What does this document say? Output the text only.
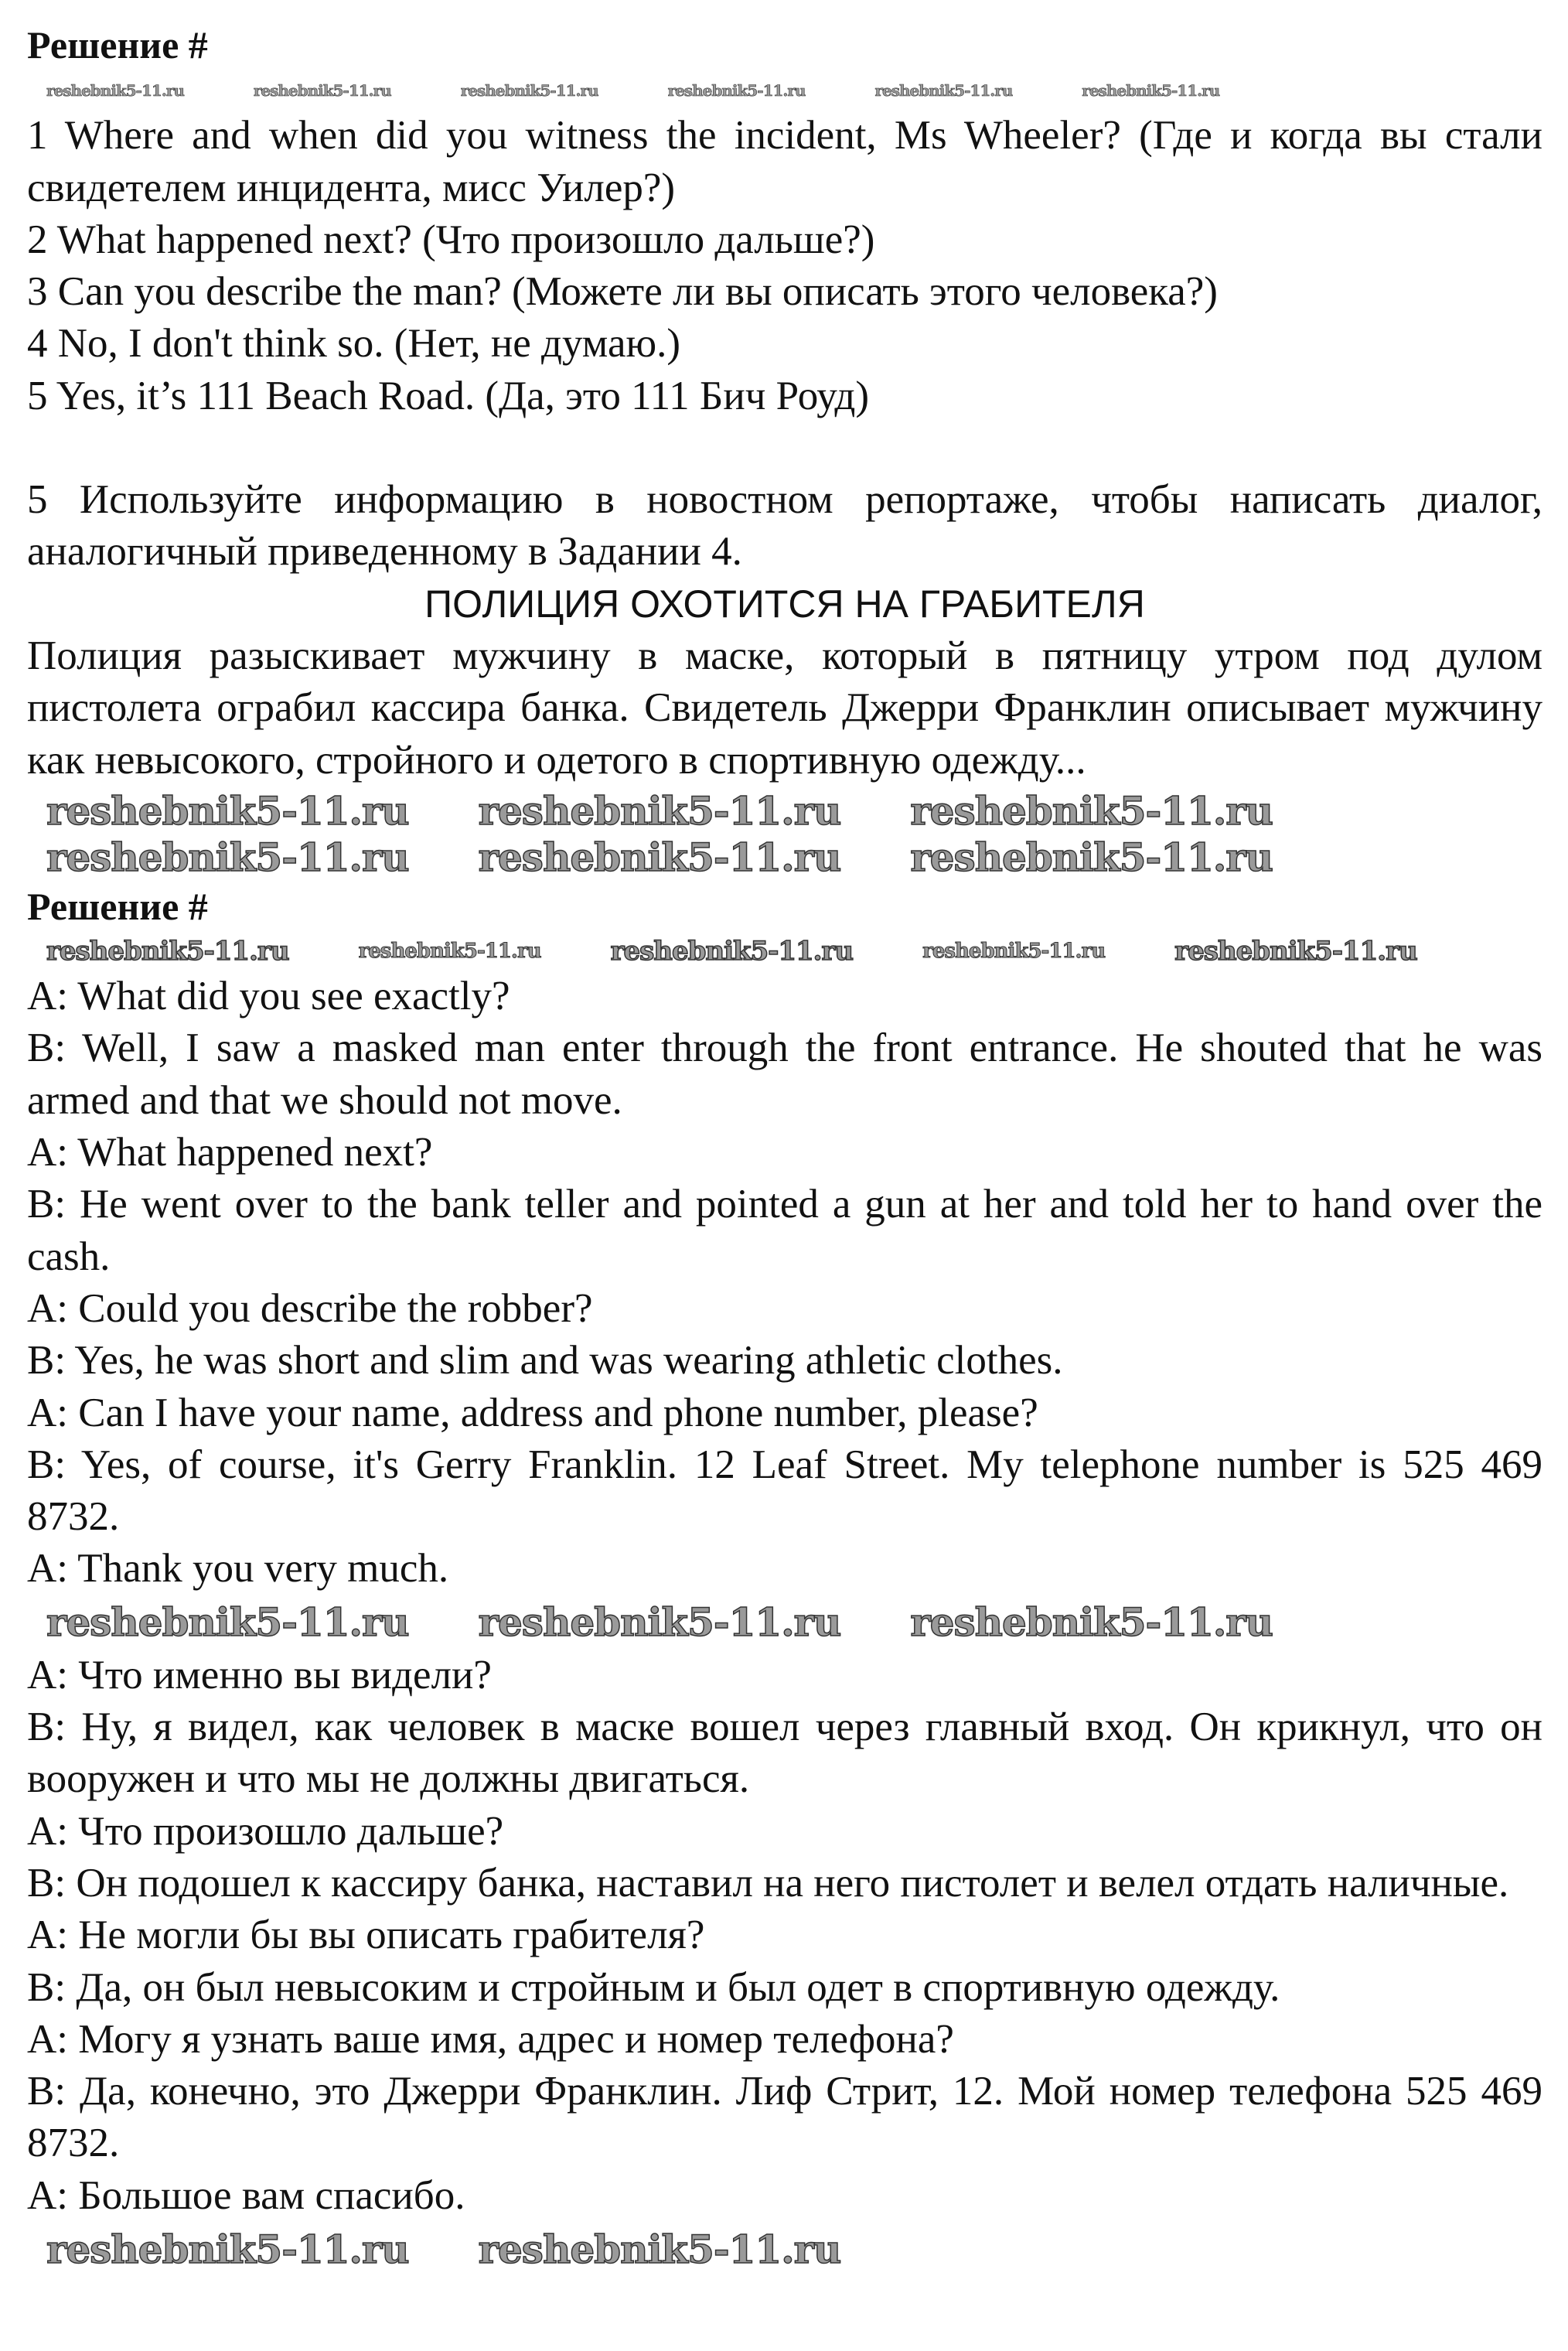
Решение #

reshebnik5-11.ru	reshebnik5-11.ru	reshebnik5-11.ru	reshebnik5-11.ru	reshebnik5-11.ru	reshebnik5-11.ru

1 Where and when did you witness the incident, Ms Wheeler? (Где и когда вы стали свидетелем инцидента, мисс Уилер?)

2 What happened next? (Что произошло дальше?)

3 Can you describe the man? (Можете ли вы описать этого человека?)

4 No, I don't think so. (Нет, не думаю.)

5 Yes, it’s 111 Beach Road. (Да, это 111 Бич Роуд)

5 Используйте информацию в новостном репортаже, чтобы написать диалог, аналогичный приведенному в Задании 4.

ПОЛИЦИЯ ОХОТИТСЯ НА ГРАБИТЕЛЯ

Полиция разыскивает мужчину в маске, который в пятницу утром под дулом пистолета ограбил кассира банка. Свидетель Джерри Франклин описывает мужчину как невысокого, стройного и одетого в спортивную одежду...

reshebnik5-11.ru reshebnik5-11.ru reshebnik5-11.ru
reshebnik5-11.ru reshebnik5-11.ru reshebnik5-11.ru

Решение #

reshebnik5-11.ru	reshebnik5-11.ru	reshebnik5-11.ru	reshebnik5-11.ru	reshebnik5-11.ru

A: What did you see exactly?

B: Well, I saw a masked man enter through the front entrance. He shouted that he was armed and that we should not move.

A: What happened next?

B: He went over to the bank teller and pointed a gun at her and told her to hand over the cash.

A: Could you describe the robber?

B: Yes, he was short and slim and was wearing athletic clothes.

A: Can I have your name, address and phone number, please?

B: Yes, of course, it's Gerry Franklin. 12 Leaf Street. My telephone number is 525 469 8732.

A: Thank you very much.

reshebnik5-11.ru reshebnik5-11.ru reshebnik5-11.ru

A: Что именно вы видели?

B: Ну, я видел, как человек в маске вошел через главный вход. Он крикнул, что он вооружен и что мы не должны двигаться.

A: Что произошло дальше?

B: Он подошел к кассиру банка, наставил на него пистолет и велел отдать наличные.

A: Не могли бы вы описать грабителя?

B: Да, он был невысоким и стройным и был одет в спортивную одежду.

A: Могу я узнать ваше имя, адрес и номер телефона?

B: Да, конечно, это Джерри Франклин. Лиф Стрит, 12. Мой номер телефона 525 469 8732.

A: Большое вам спасибо.

reshebnik5-11.ru reshebnik5-11.ru
